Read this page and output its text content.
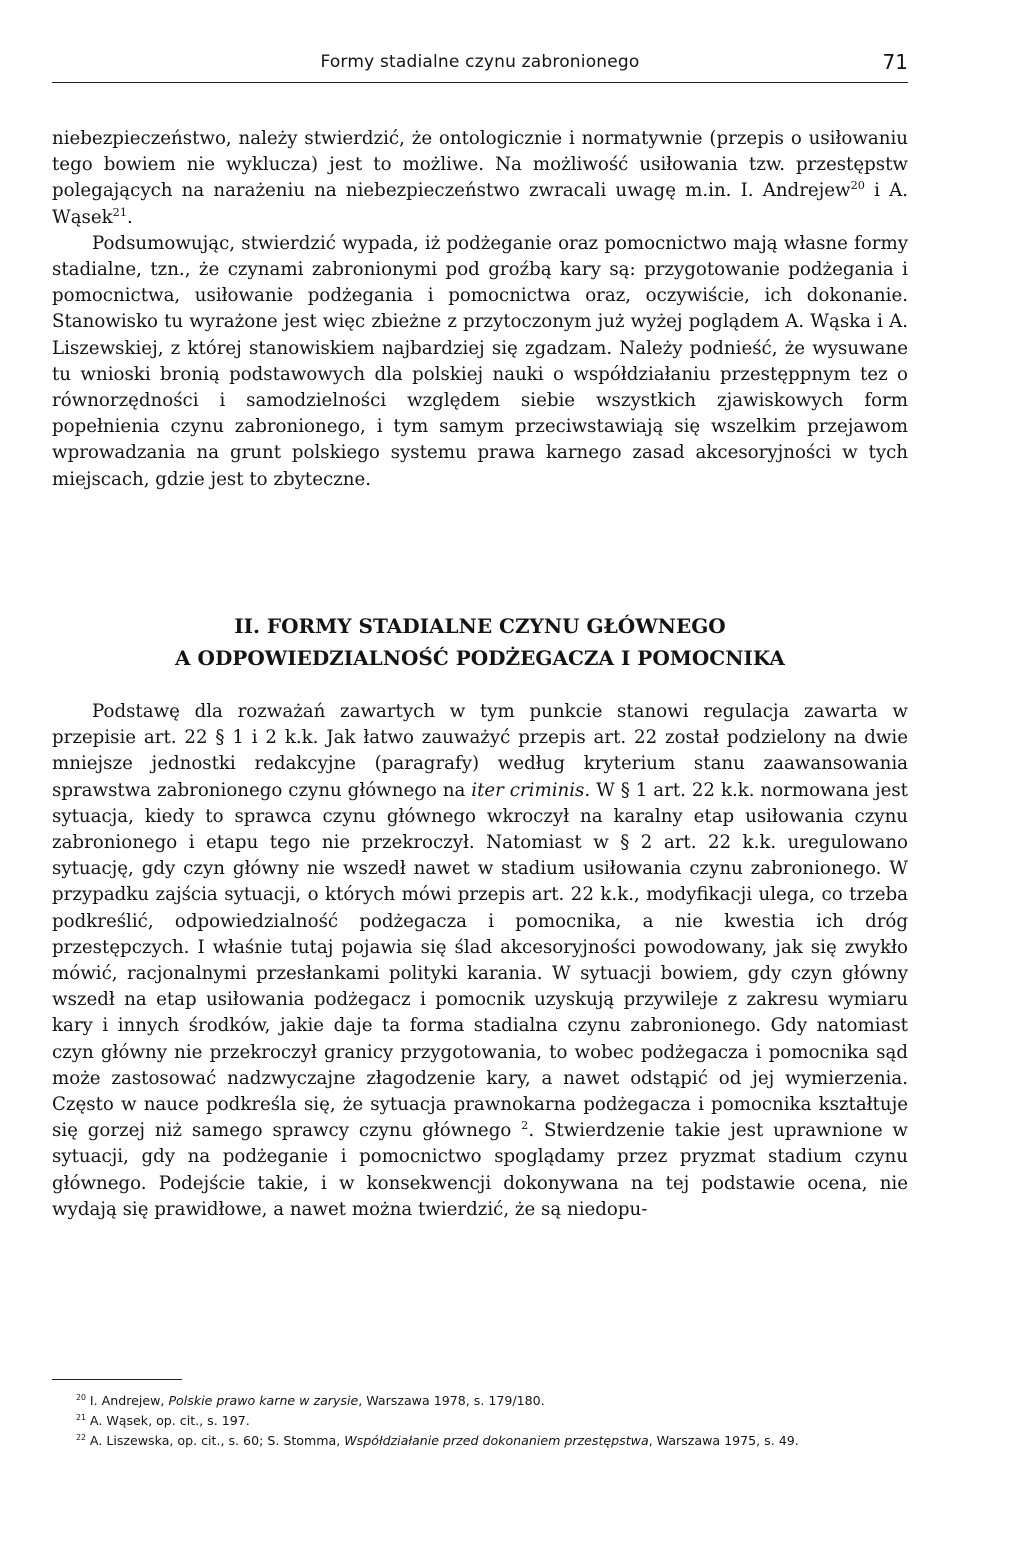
Formy stadialne czynu zabronionego	71

niebezpieczeństwo, należy stwierdzić, że ontologicznie i normatywnie (przepis o usiłowaniu tego bowiem nie wyklucza) jest to możliwe. Na możliwość usiłowania tzw. przestępstw polegających na narażeniu na niebezpieczeństwo zwracali uwagę m.in. I. Andrejew$^{20}$ i A. Wąsek$^{21}$.

Podsumowując, stwierdzić wypada, iż podżeganie oraz pomocnictwo mają własne formy stadialne, tzn., że czynami zabronionymi pod groźbą kary są: przygotowanie podżegania i pomocnictwa, usiłowanie podżegania i pomocnictwa oraz, oczywiście, ich dokonanie. Stanowisko tu wyrażone jest więc zbieżne z przytoczonym już wyżej poglądem A. Wąska i A. Liszewskiej, z której stanowiskiem najbardziej się zgadzam. Należy podnieść, że wysuwane tu wnioski bronią podstawowych dla polskiej nauki o współdziałaniu przestęppnym tez o równorzędności i samodzielności względem siebie wszystkich zjawiskowych form popełnienia czynu zabronionego, i tym samym przeciwstawiają się wszelkim przejawom wprowadzania na grunt polskiego systemu prawa karnego zasad akcesoryjności w tych miejscach, gdzie jest to zbyteczne.

II. FORMY STADIALNE CZYNU GŁÓWNEGO
A ODPOWIEDZIALNOŚĆ PODŻEGACZA I POMOCNIKA

Podstawę dla rozważań zawartych w tym punkcie stanowi regulacja zawarta w przepisie art. 22 § 1 i 2 k.k. Jak łatwo zauważyć przepis art. 22 został podzielony na dwie mniejsze jednostki redakcyjne (paragrafy) według kryterium stanu zaawansowania sprawstwa zabronionego czynu głównego na iter criminis. W § 1 art. 22 k.k. normowana jest sytuacja, kiedy to sprawca czynu głównego wkroczył na karalny etap usiłowania czynu zabronionego i etapu tego nie przekroczył. Natomiast w § 2 art. 22 k.k. uregulowano sytuację, gdy czyn główny nie wszedł nawet w stadium usiłowania czynu zabronionego. W przypadku zajścia sytuacji, o których mówi przepis art. 22 k.k., modyfikacji ulega, co trzeba podkreślić, odpowiedzialność podżegacza i pomocnika, a nie kwestia ich dróg przestępczych. I właśnie tutaj pojawia się ślad akcesoryjności powodowany, jak się zwykło mówić, racjonalnymi przesłankami polityki karania. W sytuacji bowiem, gdy czyn główny wszedł na etap usiłowania podżegacz i pomocnik uzyskują przywileje z zakresu wymiaru kary i innych środków, jakie daje ta forma stadialna czynu zabronionego. Gdy natomiast czyn główny nie przekroczył granicy przygotowania, to wobec podżegacza i pomocnika sąd może zastosować nadzwyczajne złagodzenie kary, a nawet odstąpić od jej wymierzenia. Często w nauce podkreśla się, że sytuacja prawnokarna podżegacza i pomocnika kształtuje się gorzej niż samego sprawcy czynu głównego $^2$. Stwierdzenie takie jest uprawnione w sytuacji, gdy na podżeganie i pomocnictwo spoglądamy przez pryzmat stadium czynu głównego. Podejście takie, i w konsekwencji dokonywana na tej podstawie ocena, nie wydają się prawidłowe, a nawet można twierdzić, że są niedopu-

$^{20}$ I. Andrejew, Polskie prawo karne w zarysie, Warszawa 1978, s. 179/180.

$^{21}$ A. Wąsek, op. cit., s. 197.

$^{22}$ A. Liszewska, op. cit., s. 60; S. Stomma, Współdziałanie przed dokonaniem przestępstwa, Warszawa 1975, s. 49.
